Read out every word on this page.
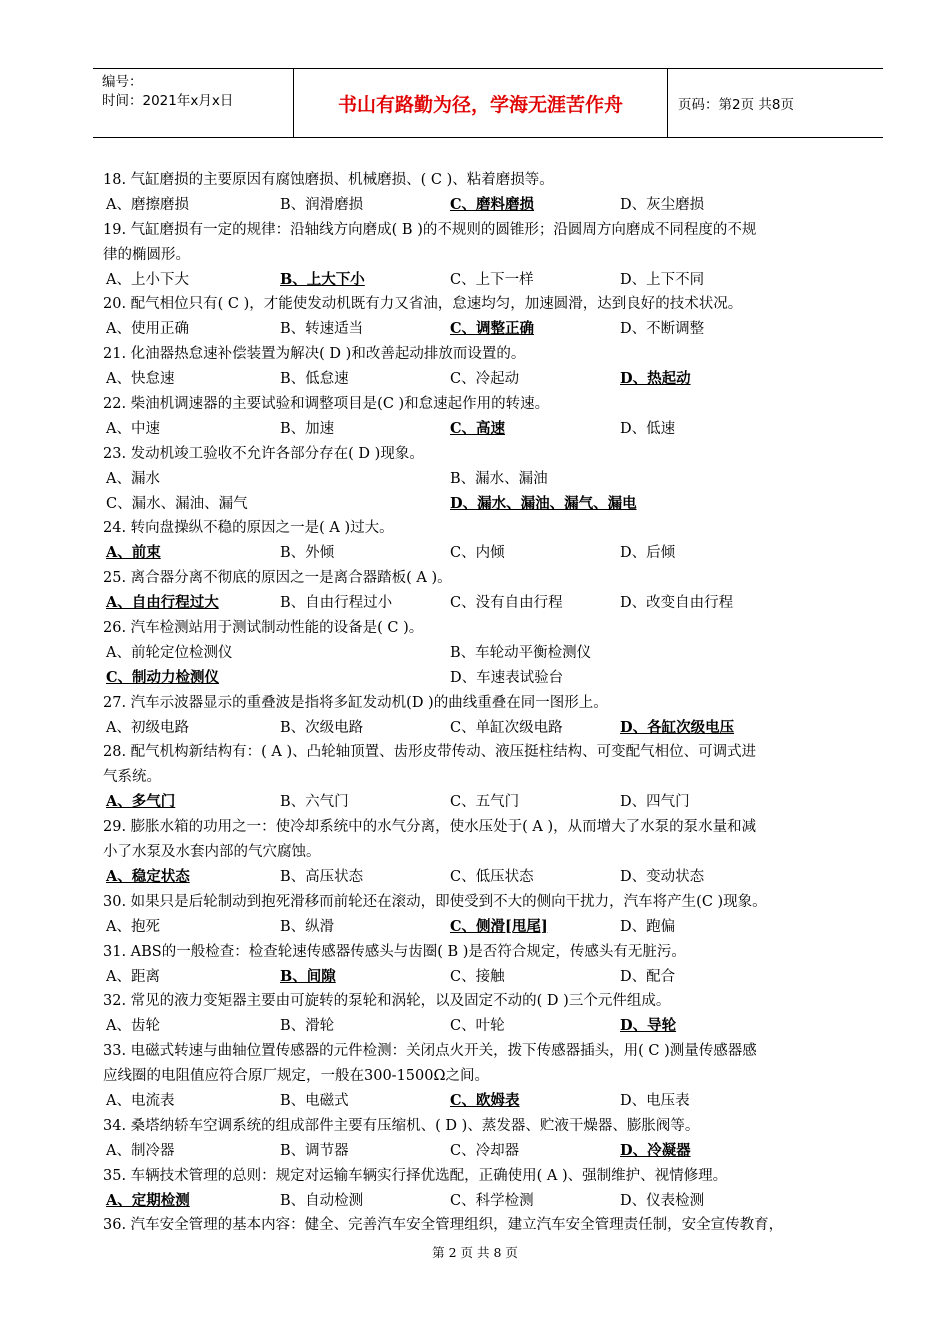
编号：
时间：2021年x月x日	书山有路勤为径，学海无涯苦作舟	页码：第2页 共8页
18. 气缸磨损的主要原因有腐蚀磨损、机械磨损、( C )、粘着磨损等。
A、磨擦磨损	B、润滑磨损	C、磨料磨损	D、灰尘磨损
19. 气缸磨损有一定的规律：沿轴线方向磨成( B )的不规则的圆锥形；沿圆周方向磨成不同程度的不规
律的椭圆形。
A、上小下大	B、上大下小	C、上下一样	D、上下不同
20. 配气相位只有( C )，才能使发动机既有力又省油，怠速均匀，加速圆滑，达到良好的技术状况。
A、使用正确	B、转速适当	C、调整正确	D、不断调整
21. 化油器热怠速补偿装置为解决( D )和改善起动排放而设置的。
A、快怠速	B、低怠速	C、冷起动	D、热起动
22. 柴油机调速器的主要试验和调整项目是(C )和怠速起作用的转速。
A、中速	B、加速	C、高速	D、低速
23. 发动机竣工验收不允许各部分存在( D )现象。
A、漏水	B、漏水、漏油
C、漏水、漏油、漏气	D、漏水、漏油、漏气、漏电
24. 转向盘操纵不稳的原因之一是( A )过大。
A、前束	B、外倾	C、内倾	D、后倾
25. 离合器分离不彻底的原因之一是离合器踏板( A )。
A、自由行程过大	B、自由行程过小	C、没有自由行程	D、改变自由行程
26. 汽车检测站用于测试制动性能的设备是( C )。
A、前轮定位检测仪	B、车轮动平衡检测仪
C、制动力检测仪	D、车速表试验台
27. 汽车示波器显示的重叠波是指将多缸发动机(D )的曲线重叠在同一图形上。
A、初级电路	B、次级电路	C、单缸次级电路	D、各缸次级电压
28. 配气机构新结构有：( A )、凸轮轴顶置、齿形皮带传动、液压挺柱结构、可变配气相位、可调式进
气系统。
A、多气门	B、六气门	C、五气门	D、四气门
29. 膨胀水箱的功用之一：使冷却系统中的水气分离，使水压处于( A )，从而增大了水泵的泵水量和减
小了水泵及水套内部的气穴腐蚀。
A、稳定状态	B、高压状态	C、低压状态	D、变动状态
30. 如果只是后轮制动到抱死滑移而前轮还在滚动，即使受到不大的侧向干扰力，汽车将产生(C )现象。
A、抱死	B、纵滑	C、侧滑[甩尾]	D、跑偏
31. ABS的一般检查：检查轮速传感器传感头与齿圈( B )是否符合规定，传感头有无脏污。
A、距离	B、间隙	C、接触	D、配合
32. 常见的液力变矩器主要由可旋转的泵轮和涡轮，以及固定不动的( D )三个元件组成。
A、齿轮	B、滑轮	C、叶轮	D、导轮
33. 电磁式转速与曲轴位置传感器的元件检测：关闭点火开关，拨下传感器插头，用( C )测量传感器感
应线圈的电阻值应符合原厂规定，一般在300-1500Ω之间。
A、电流表	B、电磁式	C、欧姆表	D、电压表
34. 桑塔纳轿车空调系统的组成部件主要有压缩机、( D )、蒸发器、贮液干燥器、膨胀阀等。
A、制冷器	B、调节器	C、冷却器	D、冷凝器
35. 车辆技术管理的总则：规定对运输车辆实行择优选配，正确使用( A )、强制维护、视情修理。
A、定期检测	B、自动检测	C、科学检测	D、仪表检测
36. 汽车安全管理的基本内容：健全、完善汽车安全管理组织，建立汽车安全管理责任制，安全宣传教育，
第 2 页 共 8 页
